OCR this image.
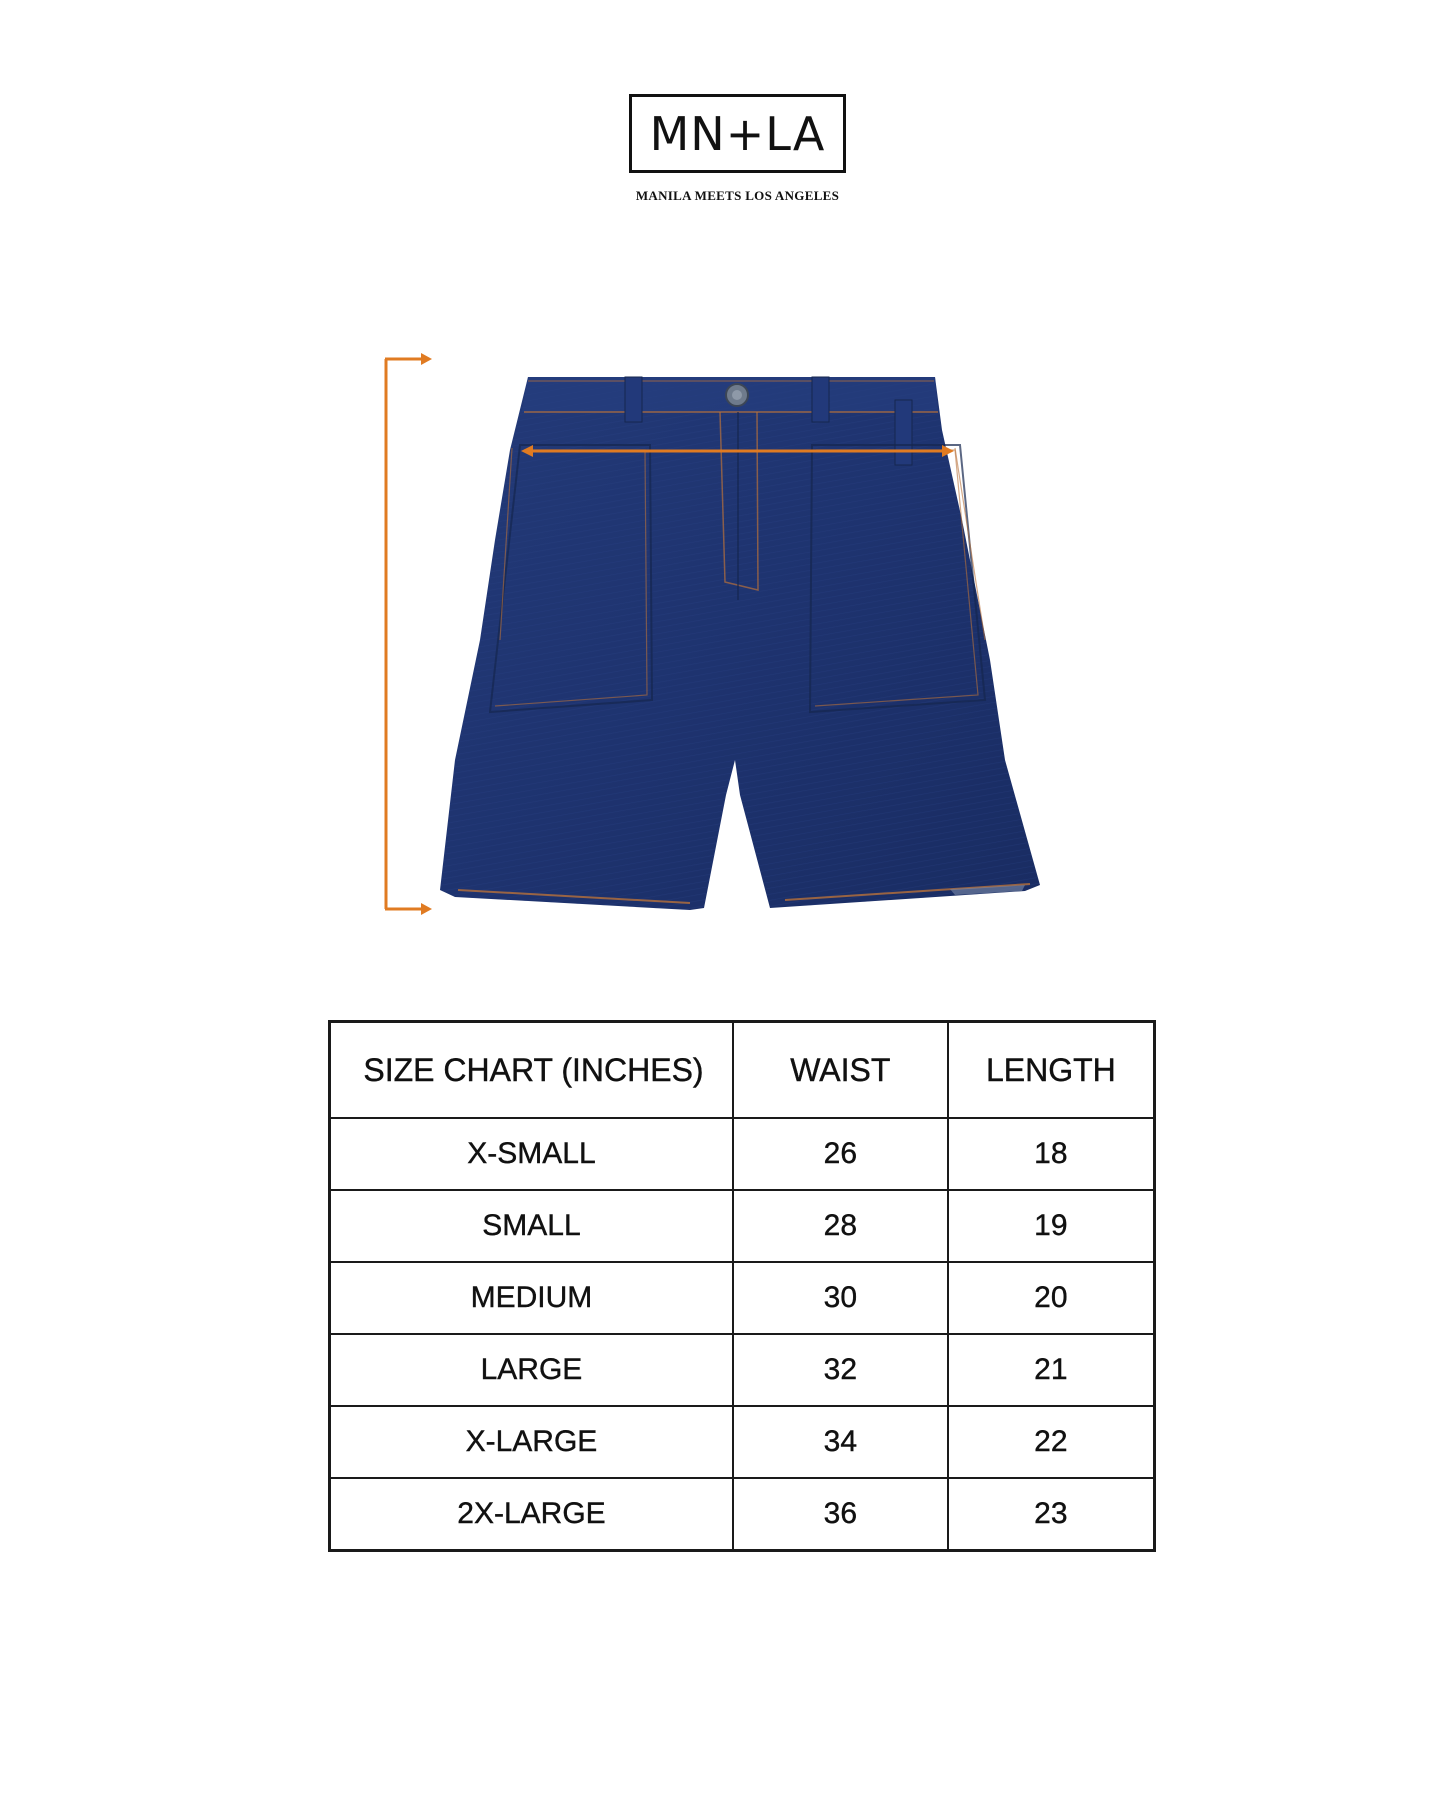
MN+LA
MANILA MEETS LOS ANGELES
SIZE CHART (INCHES)	WAIST	LENGTH
X-SMALL	26	18
SMALL	28	19
MEDIUM	30	20
LARGE	32	21
X-LARGE	34	22
2X-LARGE	36	23
